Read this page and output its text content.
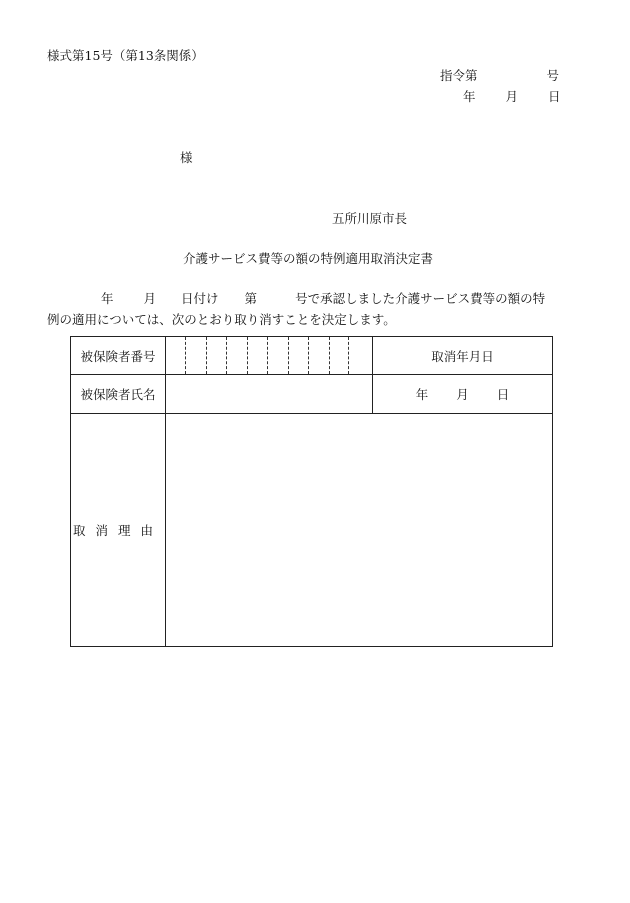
様式第15号（第13条関係）
指令第	号
年 月 日
様
五所川原市長
介護サービス費等の額の特例適用取消決定書
年 月 日付け 第	号で承認しました介護サービス費等の額の特
例の適用については、次のとおり取り消すことを決定します。
被保険者番号		取消年月日
被保険者氏名		年 月 日
取消理由		
